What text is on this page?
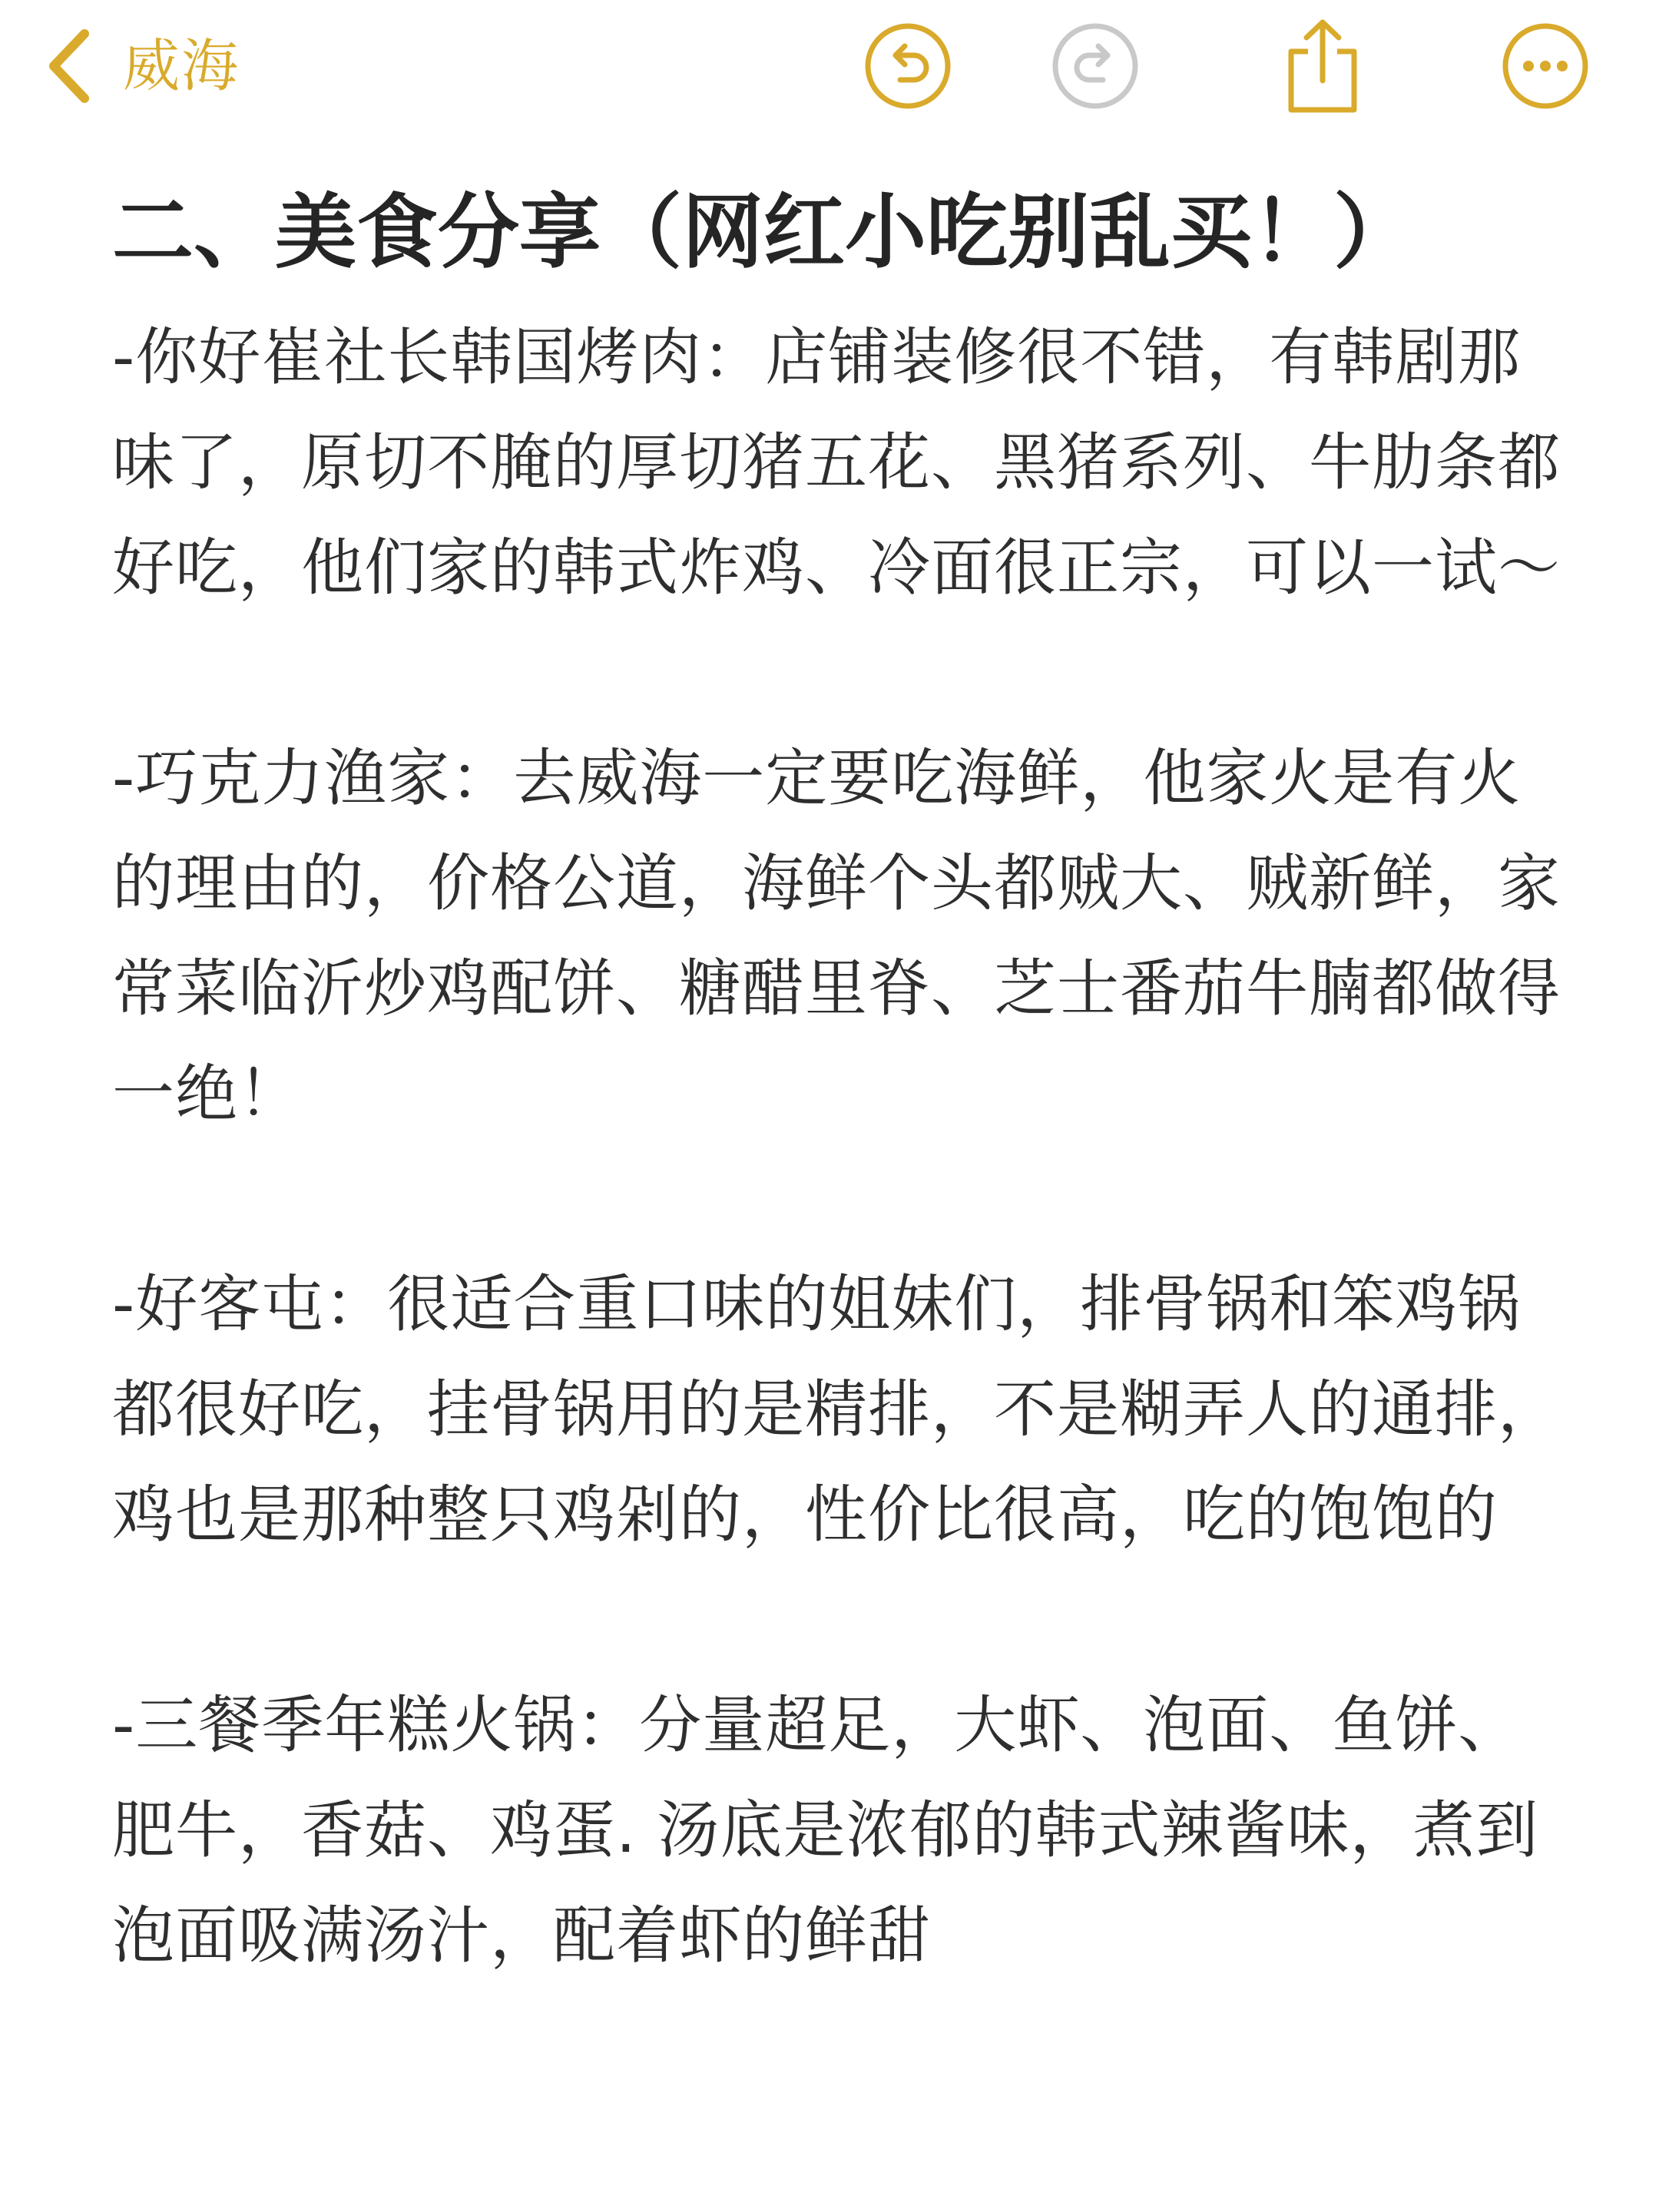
威海
二、美食分享（网红小吃别乱买！）

-你好崔社长韩国烤肉：店铺装修很不错，有韩剧那味了，原切不腌的厚切猪五花、黑猪系列、牛肋条都好吃，他们家的韩式炸鸡、冷面很正宗，可以一试～

-巧克力渔家：去威海一定要吃海鲜，他家火是有火的理由的，价格公道，海鲜个头都贼大、贼新鲜，家常菜临沂炒鸡配饼、糖醋里脊、芝士番茄牛腩都做得一绝！

-好客屯：很适合重口味的姐妹们，排骨锅和笨鸡锅都很好吃，挂骨锅用的是精排，不是糊弄人的通排，鸡也是那种整只鸡剁的，性价比很高，吃的饱饱的

-三餐季年糕火锅：分量超足，大虾、泡面、鱼饼、肥牛，香菇、鸡蛋. 汤底是浓郁的韩式辣酱味，煮到泡面吸满汤汁，配着虾的鲜甜
